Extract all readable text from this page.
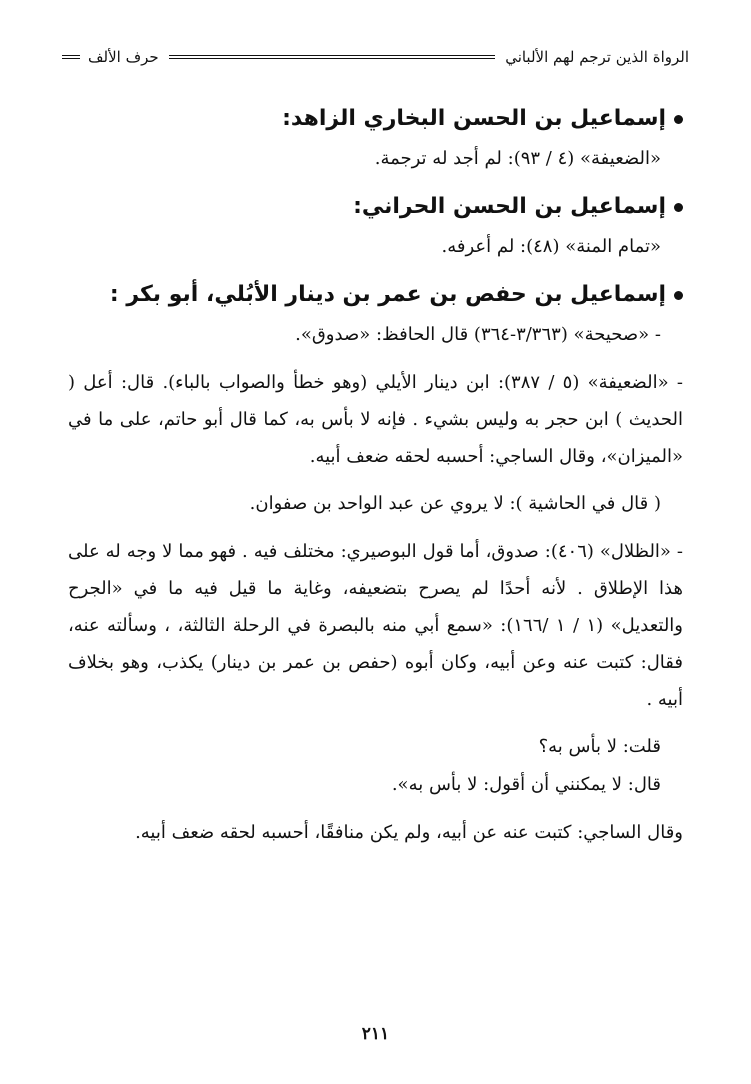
الرواة الذين ترجم لهم الألباني
حرف الألف
إسماعيل بن الحسن البخاري الزاهد:
«الضعيفة» (٤ / ٩٣): لم أجد له ترجمة.
إسماعيل بن الحسن الحراني:
«تمام المنة» (٤٨): لم أعرفه.
إسماعيل بن حفص بن عمر بن دينار الأبُلي، أبو بكر :
- «صحيحة» (٣/٣٦٣-٣٦٤) قال الحافظ: «صدوق».
- «الضعيفة» (٥ / ٣٨٧): ابن دينار الأيلي (وهو خطأ والصواب بالباء). قال: أعل ( الحديث ) ابن حجر به وليس بشيء . فإنه لا بأس به، كما قال أبو حاتم، على ما في «الميزان»، وقال الساجي: أحسبه لحقه ضعف أبيه.
( قال في الحاشية ): لا يروي عن عبد الواحد بن صفوان.
- «الظلال» (٤٠٦): صدوق، أما قول البوصيري: مختلف فيه . فهو مما لا وجه له على هذا الإطلاق . لأنه أحدًا لم يصرح بتضعيفه، وغاية ما قيل فيه ما في «الجرح والتعديل» (١ / ١ /١٦٦): «سمع أبي منه بالبصرة في الرحلة الثالثة، ، وسألته عنه، فقال: كتبت عنه وعن أبيه، وكان أبوه (حفص بن عمر بن دينار) يكذب، وهو بخلاف أبيه .
قلت: لا بأس به؟
قال: لا يمكنني أن أقول: لا بأس به».
وقال الساجي: كتبت عنه عن أبيه، ولم يكن منافقًا، أحسبه لحقه ضعف أبيه.
٢١١
